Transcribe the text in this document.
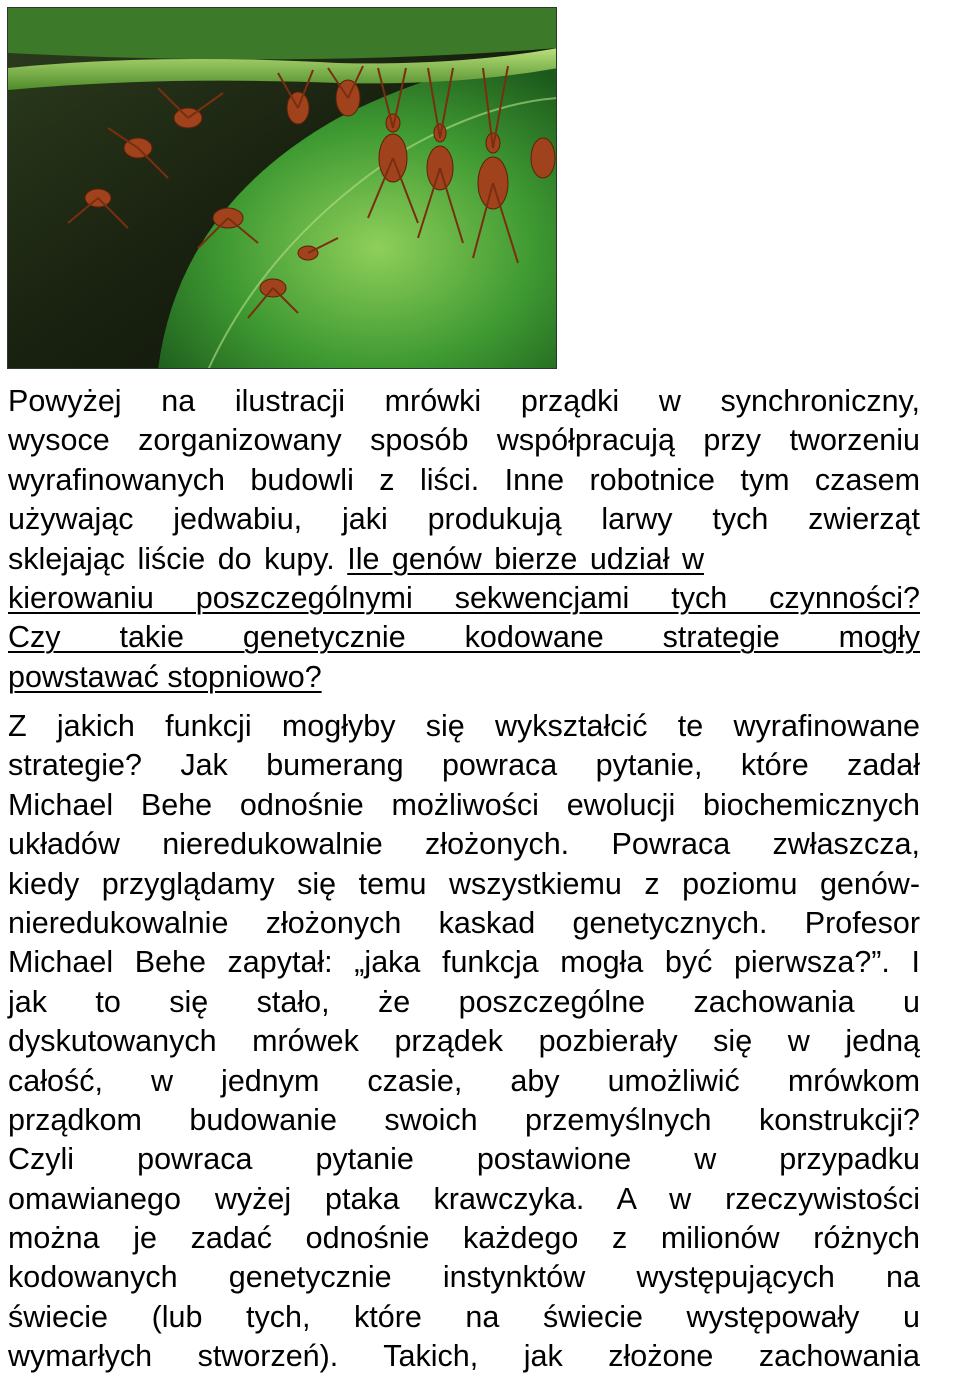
Powyżej na ilustracji mrówki prządki w synchroniczny,
wysoce zorganizowany sposób współpracują przy tworzeniu
wyrafinowanych budowli z liści. Inne robotnice tym czasem
używając jedwabiu, jaki produkują larwy tych zwierząt
sklejając liście do kupy. Ile genów bierze udział w
kierowaniu poszczególnymi sekwencjami tych czynności?
Czy takie genetycznie kodowane strategie mogły
powstawać stopniowo?
Z jakich funkcji mogłyby się wykształcić te wyrafinowane
strategie? Jak bumerang powraca pytanie, które zadał
Michael Behe odnośnie możliwości ewolucji biochemicznych
układów nieredukowalnie złożonych. Powraca zwłaszcza,
kiedy przyglądamy się temu wszystkiemu z poziomu genów-
nieredukowalnie złożonych kaskad genetycznych. Profesor
Michael Behe zapytał: „jaka funkcja mogła być pierwsza?”. I
jak to się stało, że poszczególne zachowania u
dyskutowanych mrówek prządek pozbierały się w jedną
całość, w jednym czasie, aby umożliwić mrówkom
prządkom budowanie swoich przemyślnych konstrukcji?
Czyli powraca pytanie postawione w przypadku
omawianego wyżej ptaka krawczyka. A w rzeczywistości
można je zadać odnośnie każdego z milionów różnych
kodowanych genetycznie instynktów występujących na
świecie (lub tych, które na świecie występowały u
wymarłych stworzeń). Takich, jak złożone zachowania
